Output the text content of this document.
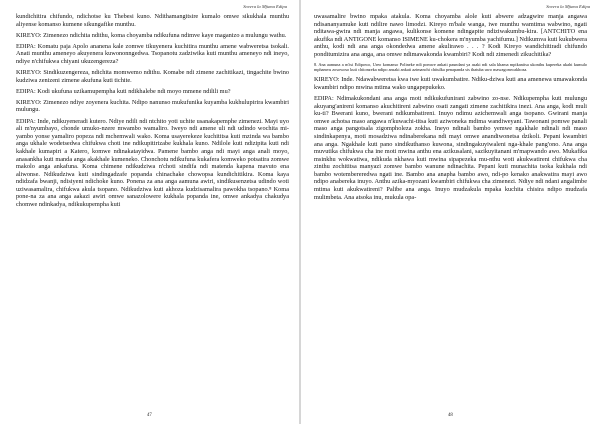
Sovera la Mfuma Edipa

kundichitira chifundo, ndichotse ku Thebesi kuno. Ndithamangitsire kumalo omwe sikukhala munthu aliyense komanso kumene sikungafike munthu.

KIREYO: Zimenezo ndichita ndithu, koma choyamba ndikufuna ndimve kaye maganizo a mulungu wathu.

EDIPA: Komatu paja Apolo ananena kale zomwe tikuyenera kuchitira munthu amene wabweretsa tsokali. Anati munthu ameneyo akuyenera kuwononngedwa. Tsopanotu zadziwika kuti munthu ameneyo ndi ineyo, ndiye n'chifukwa chiyani ukuzengereza?

KIREYO: Sindikuzengereza, ndichita momwemo ndithu. Komabe ndi zimene zachitikazi, tingachite bwino kudziwa zenizeni zimene akufuna kuti tichite.

EDIPA: Kodi ukufuna uzikamupempha kuti ndikhalebe ndi moyo mmene ndilili mu?

KIREYO: Zimenezo ndiye zoyenera kuchita. Ndipo nanunso mukufunika kuyamba kukhulupirira kwambiri mulungu.

EDIPA: Inde, ndikuyeneradi kutero. Ndiye ndili ndi ntchito yoti uchite usanakapemphe zimenezi. Mayi uyo ali m'nyumbayo, chonde umuko-nzere mwambo wamaliro. Iweyo ndi amene uli ndi udindo wochita mi-yambo yonse yamaliro popeza ndi mchemwali wako. Koma usayerekeze kuchititsa kuti mzinda wa bambo anga ukhale wodetsedwa chifukwa choti ine ndikupitirizabe kukhala kuno. Ndilole kuti ndizipita kuti ndi kakhale kumapiri a Katero, komwe ndinakatayidwa. Pamene bambo anga ndi mayi anga anali moyo, anasankha kuti manda anga akakhale kumeneko. Chonchotu ndikufuna kukafera komweko potsatira zomwe makolo anga ankafuna. Koma chimene ndikudziwa n'choti sindifa ndi matenda kapena mavuto ena aliwonse. Ndikudziwa kuti sindingadzafe popanda chinachake chowopsa kundichitikira. Koma kaya ndidzafa bwanji, ndisiyeni ndichoke kuno. Ponena za ana anga aamuna awiri, sindikusenzetsa udindo woti uziwasamalira, chifukwa akula tsopano. Ndikudziwa kuti akhoza kudzisamalira pawokha tsopano.⁸ Koma pone-na za ana anga aakazi awiri omwe sanazolowere kukhala popanda ine, omwe ankadya chakudya chomwe ndinkadya, ndikukupempha kuti

47
Sovera la Mfuma Edipa

uwasamalire bwino mpaka atakula. Koma choyamba alole kuti abwere adzagwire manja angawa ndisananyamuke kuti ndilire nawo limodzi. Kireyo m'bale wanga, iwe munthu wamtima wabwino, ngati nditawa-gwira ndi manja angawa, kulikonse komene ndingapite ndiziwakumbu-kira. [ANTCHITO ena akufika ndi ANTIGONE komanso ISIMENE ku-chokera m'nyumba yachifumu.] Ndikumva kuti kukubwera anthu, kodi ndi ana anga okondedwa amene akulirawo . . . ? Kodi Kireyo wandichitiradi chifundo ponditumizira ana anga, ana omwe ndimawakonda kwambiri? Kodi ndi zimenedi zikuchitika?

8. Ana aamuna a m'tsi Edipowo, Ureo komanso Polineke ndi pomwe ankati paundani ya asaki ndi sala khama mpikanitsa ukonthu kupereka ukahi kumulo mphamvu zosowoso kuti chitonzeka ndipo ansaki ankati azimanchi chitulka penapanda sis thatuba uwo mawagomwakhoza.

KIREYO: Inde. Ndawabweretsa kwa iwe kuti uwakumbatire. Ndiku-dziwa kuti ana amenewa umawakonda kwambiri ndipo mwina mtima wako ungapepukeko.

EDIPA: Ndimakukondani ana anga moti ndikukufunirani zabwino zo-nse. Ndikupempha kuti mulungu akuyang'anireni komanso akuchitireni zabwino osati zangati zimene zachitikira inezi. Ana anga, kodi muli ku-ti? Bwerani kuno, bwerani ndikumbatireni. Inuyo ndimu azichemwali anga tsopano. Gwirani manja omwe achotsa maso angawa n'kuwachi-titsa kuti aziwoneka mdima wandiweyani. Tawonani pomwe panali maso anga pangotsala zigompholeza zokha. Ineyo ndinali bambo yemwe ngakhale ndinali ndi maso sindinkapenya, moti mosadziwa ndinaberekana ndi mayi omwe anandiwonetsa dzikoli. Pepani kwambiri ana anga. Ngakhale kuti pano sindikuthanso kuwona, sindingakuyiwaleni nga-khale pang'ono. Ana anga muvutika chifukwa cha ine moti mwina anthu ena azikusalani, sazikuyitanani m'mapwando awo. Mukafika msinkhu wokwatiwa, ndikuda nkhawa kuti mwina sipapezeka mu-nthu woti akukwatireni chifukwa cha zinthu zochititsa manyazi zomwe bambo wanune ndinachita. Pepani kuti munachita tsoka kukhala ndi bambo wotembereredwa ngati ine. Bambo ana anapha bambo awo, ndi-po kenako anakwatira mayi awo ndipo anabereka inuyo. Anthu azika-myozani kwambiri chifukwa cha zimenezi. Ndiye ndi ndani angalimbe mtima kuti akukwatireni? Palibe ana anga. Inuyo mudzakula mpaka kuchita chisira ndipo mudzafa mulimbeta. Ana atsoka inu, mukula opa-

48
